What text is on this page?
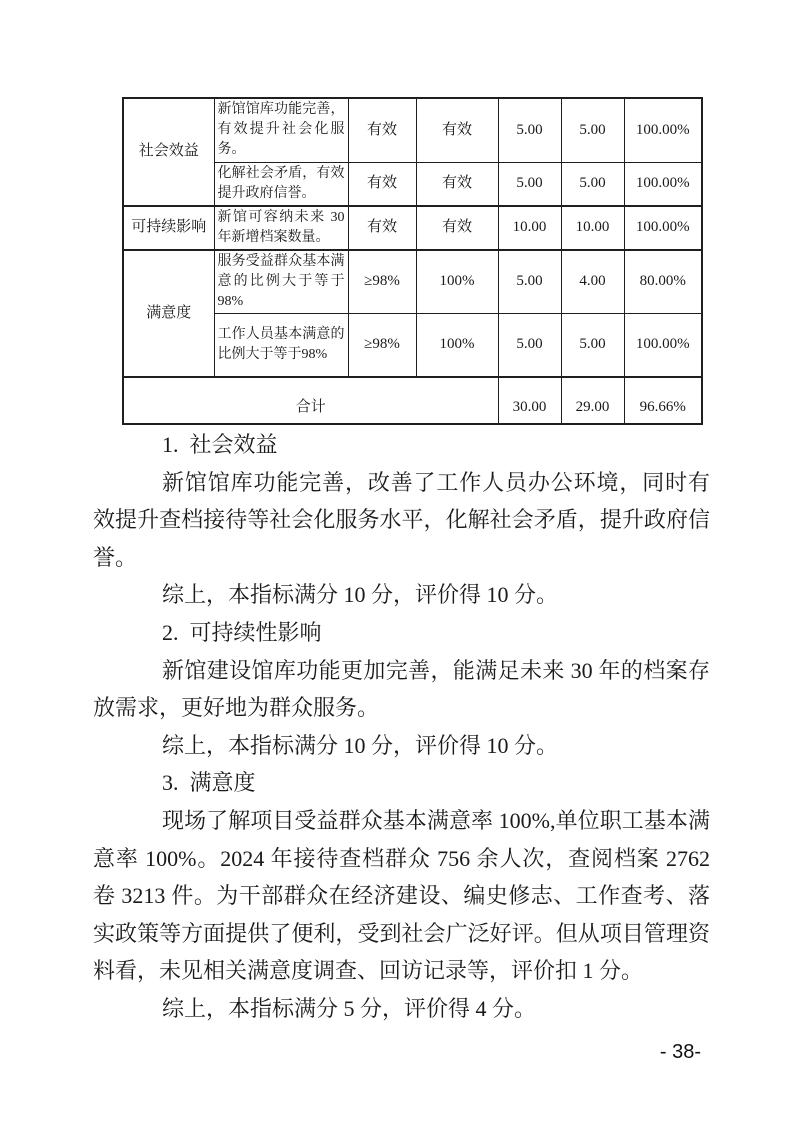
社会效益	新馆馆库功能完善，有效提升社会化服务。	有效	有效	5.00	5.00	100.00%
	化解社会矛盾，有效提升政府信誉。	有效	有效	5.00	5.00	100.00%
可持续影响	新馆可容纳未来 30 年新增档案数量。	有效	有效	10.00	10.00	100.00%
满意度	服务受益群众基本满意的比例大于等于98%	≥98%	100%	5.00	4.00	80.00%
	工作人员基本满意的比例大于等于98%	≥98%	100%	5.00	5.00	100.00%
合计				30.00	29.00	96.66%

1.  社会效益

新馆馆库功能完善，改善了工作人员办公环境，同时有效提升查档接待等社会化服务水平，化解社会矛盾，提升政府信誉。

综上，本指标满分 10 分，评价得 10 分。

2.  可持续性影响

新馆建设馆库功能更加完善，能满足未来 30 年的档案存放需求，更好地为群众服务。

综上，本指标满分 10 分，评价得 10 分。

3.  满意度

现场了解项目受益群众基本满意率 100%,单位职工基本满意率 100%。2024 年接待查档群众 756 余人次，查阅档案 2762 卷 3213 件。为干部群众在经济建设、编史修志、工作查考、落实政策等方面提供了便利，受到社会广泛好评。但从项目管理资料看，未见相关满意度调查、回访记录等，评价扣 1 分。

综上，本指标满分 5 分，评价得 4 分。

- 38-
